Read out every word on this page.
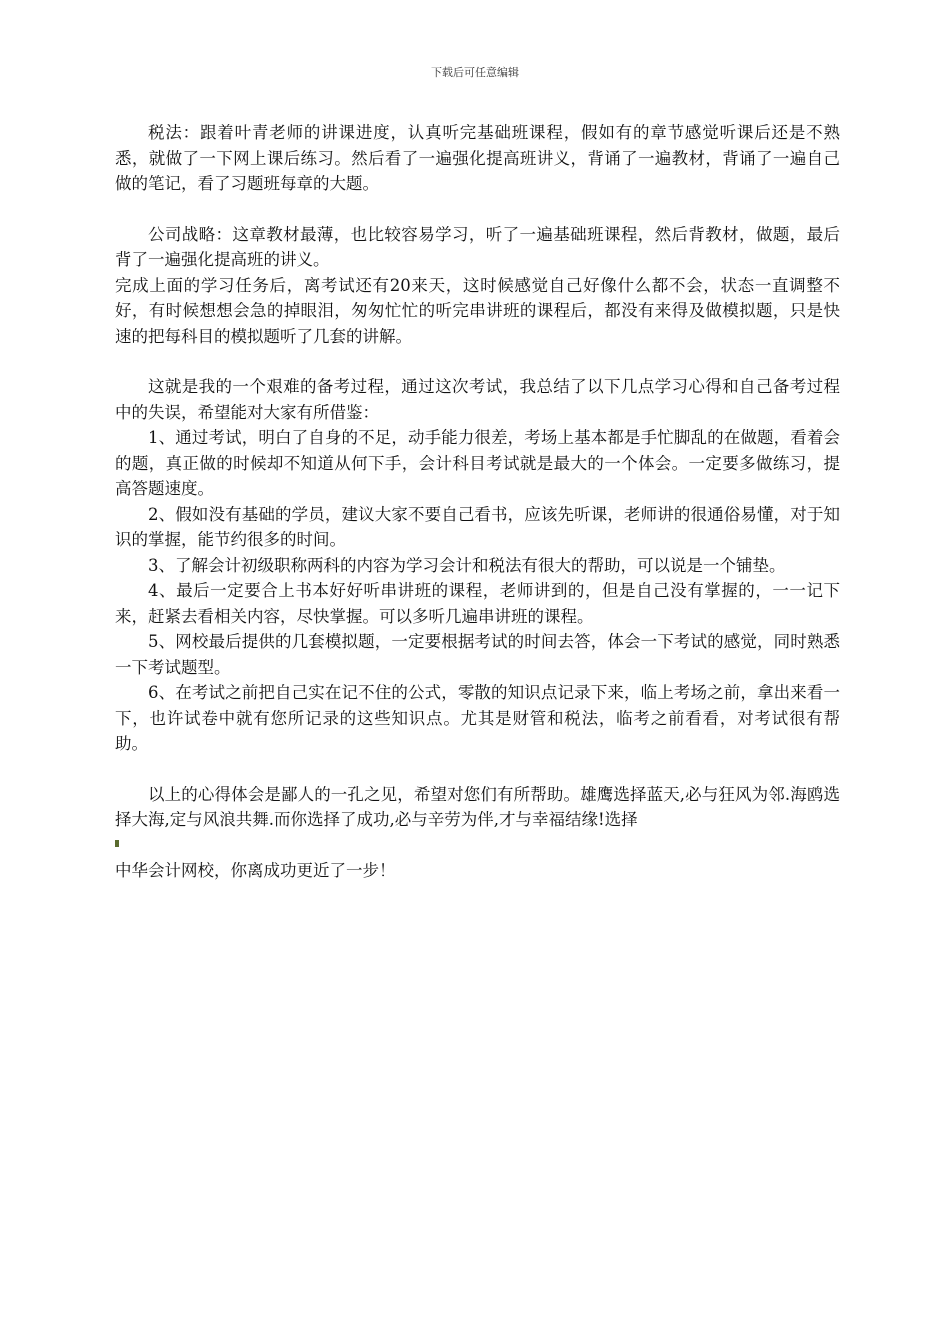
下载后可任意编辑

税法：跟着叶青老师的讲课进度，认真听完基础班课程，假如有的章节感觉听课后还是不熟悉，就做了一下网上课后练习。然后看了一遍强化提高班讲义，背诵了一遍教材，背诵了一遍自己做的笔记，看了习题班每章的大题。

公司战略：这章教材最薄，也比较容易学习，听了一遍基础班课程，然后背教材，做题，最后背了一遍强化提高班的讲义。

完成上面的学习任务后，离考试还有20来天，这时候感觉自己好像什么都不会，状态一直调整不好，有时候想想会急的掉眼泪，匆匆忙忙的听完串讲班的课程后，都没有来得及做模拟题，只是快速的把每科目的模拟题听了几套的讲解。

这就是我的一个艰难的备考过程，通过这次考试，我总结了以下几点学习心得和自己备考过程中的失误，希望能对大家有所借鉴：

1、通过考试，明白了自身的不足，动手能力很差，考场上基本都是手忙脚乱的在做题，看着会的题，真正做的时候却不知道从何下手，会计科目考试就是最大的一个体会。一定要多做练习，提高答题速度。

2、假如没有基础的学员，建议大家不要自己看书，应该先听课，老师讲的很通俗易懂，对于知识的掌握，能节约很多的时间。

3、了解会计初级职称两科的内容为学习会计和税法有很大的帮助，可以说是一个铺垫。

4、最后一定要合上书本好好听串讲班的课程，老师讲到的，但是自己没有掌握的，一一记下来，赶紧去看相关内容，尽快掌握。可以多听几遍串讲班的课程。

5、网校最后提供的几套模拟题，一定要根据考试的时间去答，体会一下考试的感觉，同时熟悉一下考试题型。

6、在考试之前把自己实在记不住的公式，零散的知识点记录下来，临上考场之前，拿出来看一下，也许试卷中就有您所记录的这些知识点。尤其是财管和税法，临考之前看看，对考试很有帮助。

以上的心得体会是鄙人的一孔之见，希望对您们有所帮助。雄鹰选择蓝天,必与狂风为邻.海鸥选择大海,定与风浪共舞.而你选择了成功,必与辛劳为伴,才与幸福结缘!选择

中华会计网校，你离成功更近了一步！
